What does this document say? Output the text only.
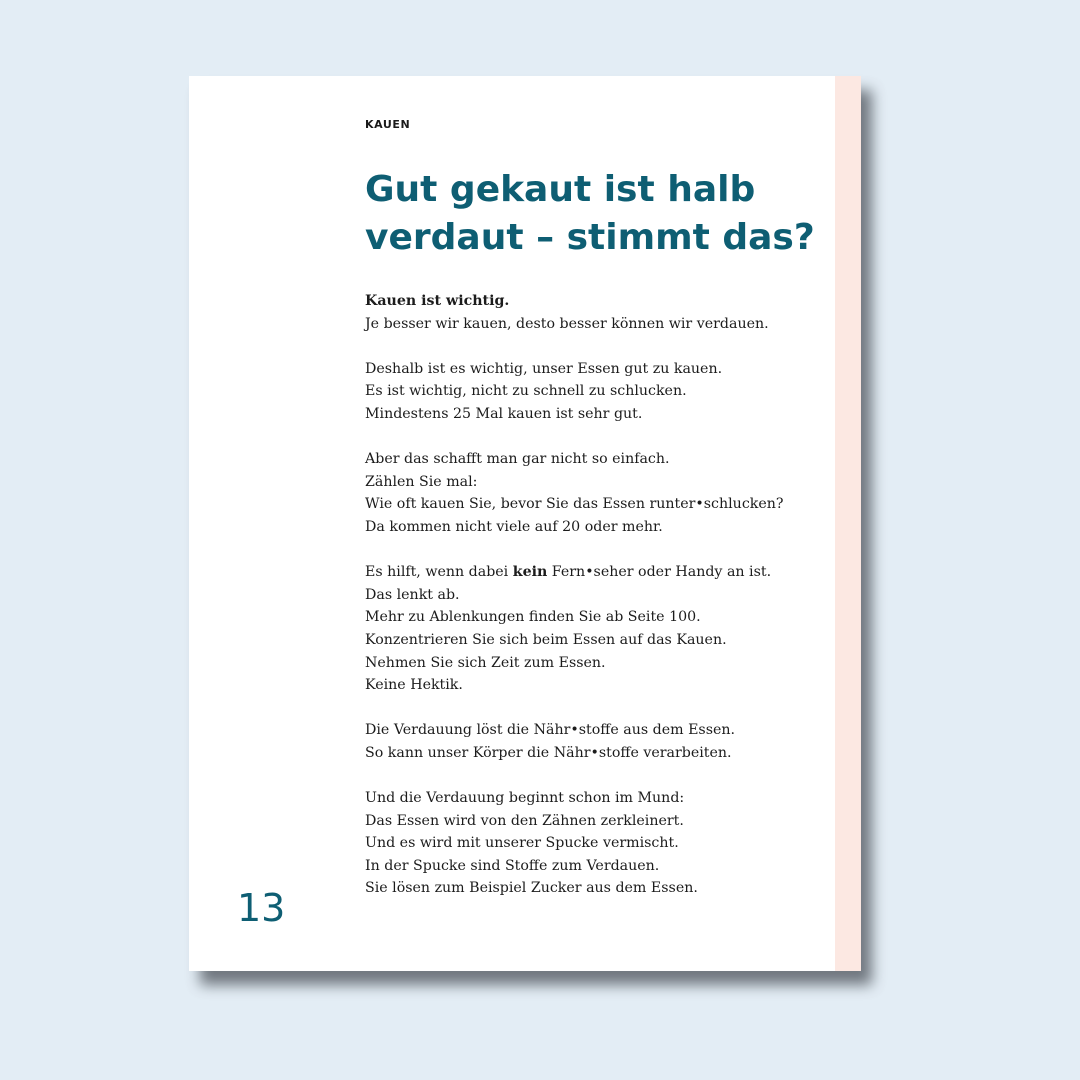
KAUEN
Gut gekaut ist halb
verdaut – stimmt das?

Kauen ist wichtig.
Je besser wir kauen, desto besser können wir verdauen.

Deshalb ist es wichtig, unser Essen gut zu kauen.
Es ist wichtig, nicht zu schnell zu schlucken.
Mindestens 25 Mal kauen ist sehr gut.

Aber das schafft man gar nicht so einfach.
Zählen Sie mal:
Wie oft kauen Sie, bevor Sie das Essen runter•schlucken?
Da kommen nicht viele auf 20 oder mehr.

Es hilft, wenn dabei kein Fern•seher oder Handy an ist.
Das lenkt ab.
Mehr zu Ablenkungen finden Sie ab Seite 100.
Konzentrieren Sie sich beim Essen auf das Kauen.
Nehmen Sie sich Zeit zum Essen.
Keine Hektik.

Die Verdauung löst die Nähr•stoffe aus dem Essen.
So kann unser Körper die Nähr•stoffe verarbeiten.

Und die Verdauung beginnt schon im Mund:
Das Essen wird von den Zähnen zerkleinert.
Und es wird mit unserer Spucke vermischt.
In der Spucke sind Stoffe zum Verdauen.
Sie lösen zum Beispiel Zucker aus dem Essen.

13
